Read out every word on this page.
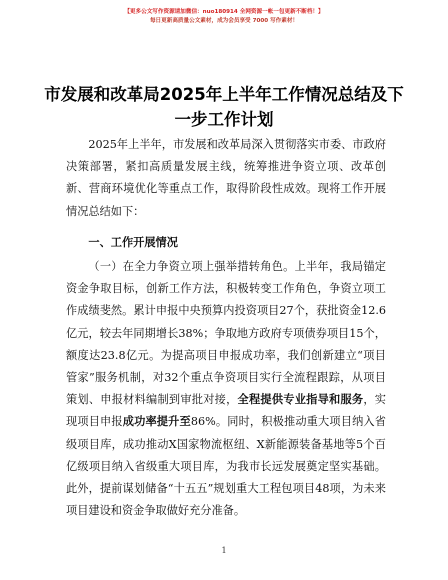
【更多公文写作资源请加微信：nuo180914 全网资源一帐一包更新不断档！】
每日更新高质量公文素材，成为会员享受 7000 写作素材！
市发展和改革局2025年上半年工作情况总结及下一步工作计划

2025年上半年，市发展和改革局深入贯彻落实市委、市政府决策部署，紧扣高质量发展主线，统筹推进争资立项、改革创新、营商环境优化等重点工作，取得阶段性成效。现将工作开展情况总结如下：

一、工作开展情况

（一）在全力争资立项上强举措转角色。上半年，我局锚定资金争取目标，创新工作方法，积极转变工作角色，争资立项工作成绩斐然。累计申报中央预算内投资项目27个，获批资金12.6亿元，较去年同期增长38%；争取地方政府专项债券项目15个，额度达23.8亿元。为提高项目申报成功率，我们创新建立“项目管家”服务机制，对32个重点争资项目实行全流程跟踪，从项目策划、申报材料编制到审批对接，全程提供专业指导和服务，实现项目申报成功率提升至86%。同时，积极推动重大项目纳入省级项目库，成功推动X国家物流枢纽、X新能源装备基地等5个百亿级项目纳入省级重大项目库，为我市长远发展奠定坚实基础。此外，提前谋划储备“十五五”规划重大工程包项目48项，为未来项目建设和资金争取做好充分准备。

1
